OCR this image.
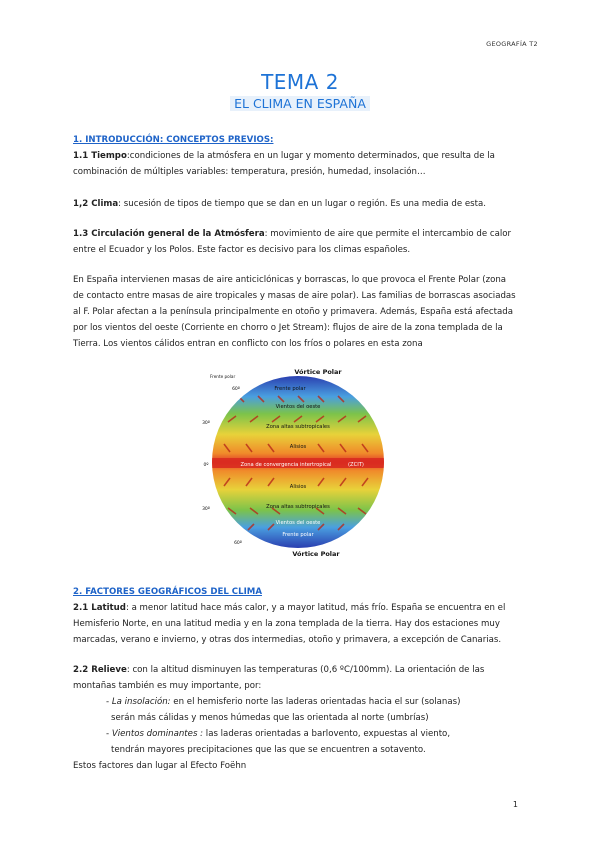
GEOGRAFÍA T2
TEMA 2
EL CLIMA EN ESPAÑA
1. INTRODUCCIÓN: CONCEPTOS PREVIOS:
1.1 Tiempo:condiciones de la atmósfera en un lugar y momento determinados, que resulta de la
combinación de múltiples variables: temperatura, presión, humedad, insolación…
1,2 Clima: sucesión de tipos de tiempo que se dan en un lugar o región. Es una media de esta.
1.3 Circulación general de la Atmósfera: movimiento de aire que permite el intercambio de calor
entre el Ecuador y los Polos. Este factor es decisivo para los climas españoles.
En España intervienen masas de aire anticiclónicas y borrascas, lo que provoca el Frente Polar (zona
de contacto entre masas de aire tropicales y masas de aire polar). Las familias de borrascas asociadas
al F. Polar afectan a la península principalmente en otoño y primavera. Además, España está afectada
por los vientos del oeste (Corriente en chorro o Jet Stream): flujos de aire de la zona templada de la
Tierra. Los vientos cálidos entran en conflicto con los fríos o polares en esta zona
Vórtice Polar
Frente polar
Frente polar
Vientos del oeste
Zona altas subtropicales
Alisios
Zona de convergencia intertropical	(ZCIT)
Alisios
Zona altas subtropicales
Vientos del oeste
Frente polar
Vórtice Polar
60º
30º
0º
30º
60º
2. FACTORES GEOGRÁFICOS DEL CLIMA
2.1 Latitud: a menor latitud hace más calor, y a mayor latitud, más frío. España se encuentra en el
Hemisferio Norte, en una latitud media y en la zona templada de la tierra. Hay dos estaciones muy
marcadas, verano e invierno, y otras dos intermedias, otoño y primavera, a excepción de Canarias.
2.2 Relieve: con la altitud disminuyen las temperaturas (0,6 ºC/100mm). La orientación de las
montañas también es muy importante, por:
- La insolación: en el hemisferio norte las laderas orientadas hacia el sur (solanas)
serán más cálidas y menos húmedas que las orientada al norte (umbrías)
- Vientos dominantes : las laderas orientadas a barlovento, expuestas al viento,
tendrán mayores precipitaciones que las que se encuentren a sotavento.
Estos factores dan lugar al Efecto Foëhn
1
